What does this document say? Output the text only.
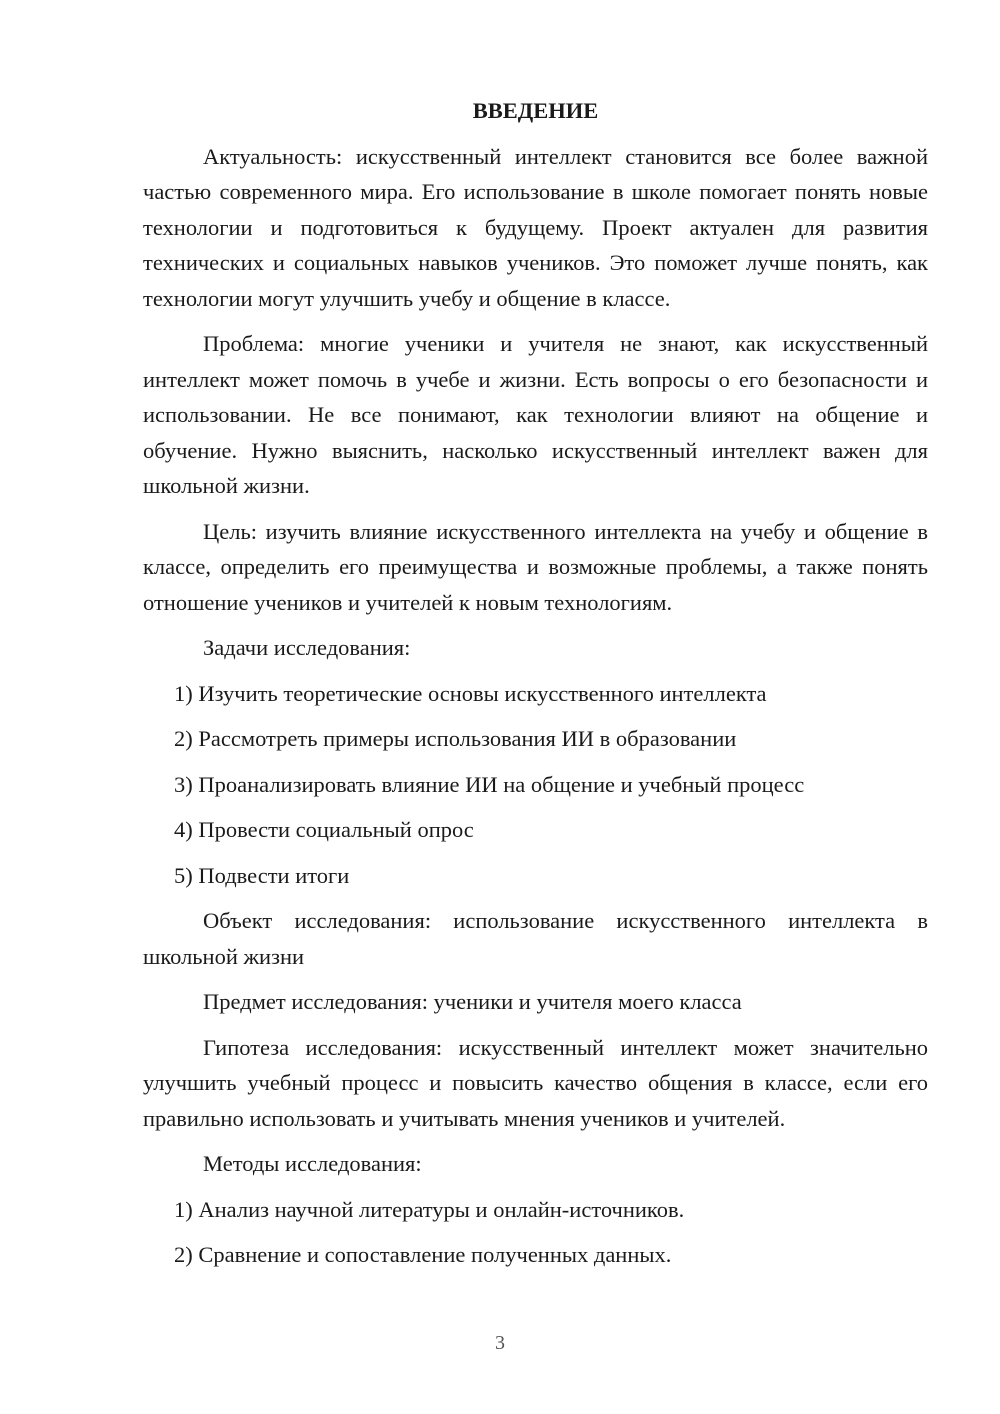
ВВЕДЕНИЕ

Актуальность: искусственный интеллект становится все более важной частью современного мира. Его использование в школе помогает понять новые технологии и подготовиться к будущему. Проект актуален для развития технических и социальных навыков учеников. Это поможет лучше понять, как технологии могут улучшить учебу и общение в классе.

Проблема: многие ученики и учителя не знают, как искусственный интеллект может помочь в учебе и жизни. Есть вопросы о его безопасности и использовании. Не все понимают, как технологии влияют на общение и обучение. Нужно выяснить, насколько искусственный интеллект важен для школьной жизни.

Цель: изучить влияние искусственного интеллекта на учебу и общение в классе, определить его преимущества и возможные проблемы, а также понять отношение учеников и учителей к новым технологиям.

Задачи исследования:

1) Изучить теоретические основы искусственного интеллекта
2) Рассмотреть примеры использования ИИ в образовании
3) Проанализировать влияние ИИ на общение и учебный процесс
4) Провести социальный опрос
5) Подвести итоги

Объект исследования: использование искусственного интеллекта в школьной жизни

Предмет исследования: ученики и учителя моего класса

Гипотеза исследования: искусственный интеллект может значительно улучшить учебный процесс и повысить качество общения в классе, если его правильно использовать и учитывать мнения учеников и учителей.

Методы исследования:

1) Анализ научной литературы и онлайн-источников.
2) Сравнение и сопоставление полученных данных.
3
